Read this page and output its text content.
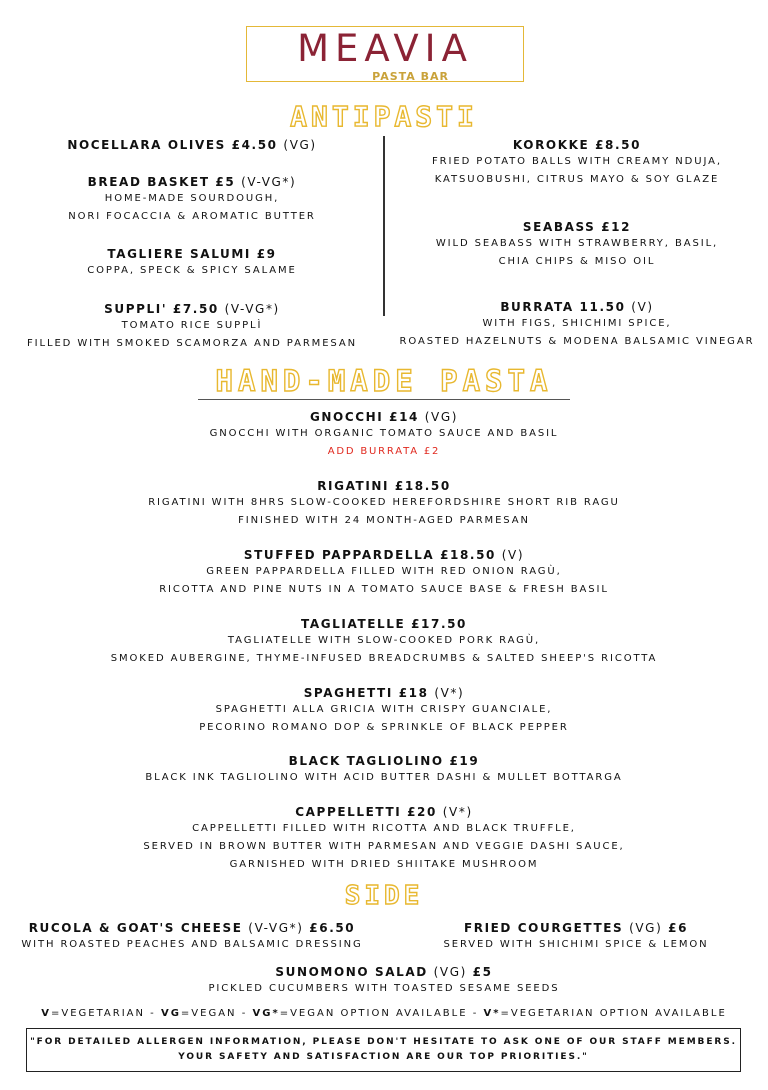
MEAVIA
PASTA BAR
ANTIPASTI
HAND-MADE PASTA
SIDE
V=VEGETARIAN - VG=VEGAN - VG*=VEGAN OPTION AVAILABLE - V*=VEGETARIAN OPTION AVAILABLE
"FOR DETAILED ALLERGEN INFORMATION, PLEASE DON'T HESITATE TO ASK ONE OF OUR STAFF MEMBERS.
YOUR SAFETY AND SATISFACTION ARE OUR TOP PRIORITIES."
NOCELLARA OLIVES £4.50 (VG)
BREAD BASKET £5 (V-VG*)
HOME-MADE SOURDOUGH,
NORI FOCACCIA & AROMATIC BUTTER
TAGLIERE SALUMI £9
COPPA, SPECK & SPICY SALAME
SUPPLI' £7.50 (V-VG*)
TOMATO RICE SUPPLÌ
FILLED WITH SMOKED SCAMORZA AND PARMESAN
KOROKKE £8.50
FRIED POTATO BALLS WITH CREAMY NDUJA,
KATSUOBUSHI, CITRUS MAYO & SOY GLAZE
SEABASS £12
WILD SEABASS WITH STRAWBERRY, BASIL,
CHIA CHIPS & MISO OIL
BURRATA 11.50 (V)
WITH FIGS, SHICHIMI SPICE,
ROASTED HAZELNUTS & MODENA BALSAMIC VINEGAR
GNOCCHI £14 (VG)
GNOCCHI WITH ORGANIC TOMATO SAUCE AND BASIL
ADD BURRATA £2
RIGATINI £18.50
RIGATINI WITH 8HRS SLOW-COOKED HEREFORDSHIRE SHORT RIB RAGU
FINISHED WITH 24 MONTH-AGED PARMESAN
STUFFED PAPPARDELLA £18.50 (V)
GREEN PAPPARDELLA FILLED WITH RED ONION RAGÙ,
RICOTTA AND PINE NUTS IN A TOMATO SAUCE BASE & FRESH BASIL
TAGLIATELLE £17.50
TAGLIATELLE WITH SLOW-COOKED PORK RAGÙ,
SMOKED AUBERGINE, THYME-INFUSED BREADCRUMBS & SALTED SHEEP'S RICOTTA
SPAGHETTI £18 (V*)
SPAGHETTI ALLA GRICIA WITH CRISPY GUANCIALE,
PECORINO ROMANO DOP & SPRINKLE OF BLACK PEPPER
BLACK TAGLIOLINO £19
BLACK INK TAGLIOLINO WITH ACID BUTTER DASHI & MULLET BOTTARGA
CAPPELLETTI £20 (V*)
CAPPELLETTI FILLED WITH RICOTTA AND BLACK TRUFFLE,
SERVED IN BROWN BUTTER WITH PARMESAN AND VEGGIE DASHI SAUCE,
GARNISHED WITH DRIED SHIITAKE MUSHROOM
RUCOLA & GOAT'S CHEESE (V-VG*) £6.50
WITH ROASTED PEACHES AND BALSAMIC DRESSING
FRIED COURGETTES (VG) £6
SERVED WITH SHICHIMI SPICE & LEMON
SUNOMONO SALAD (VG) £5
PICKLED CUCUMBERS WITH TOASTED SESAME SEEDS
